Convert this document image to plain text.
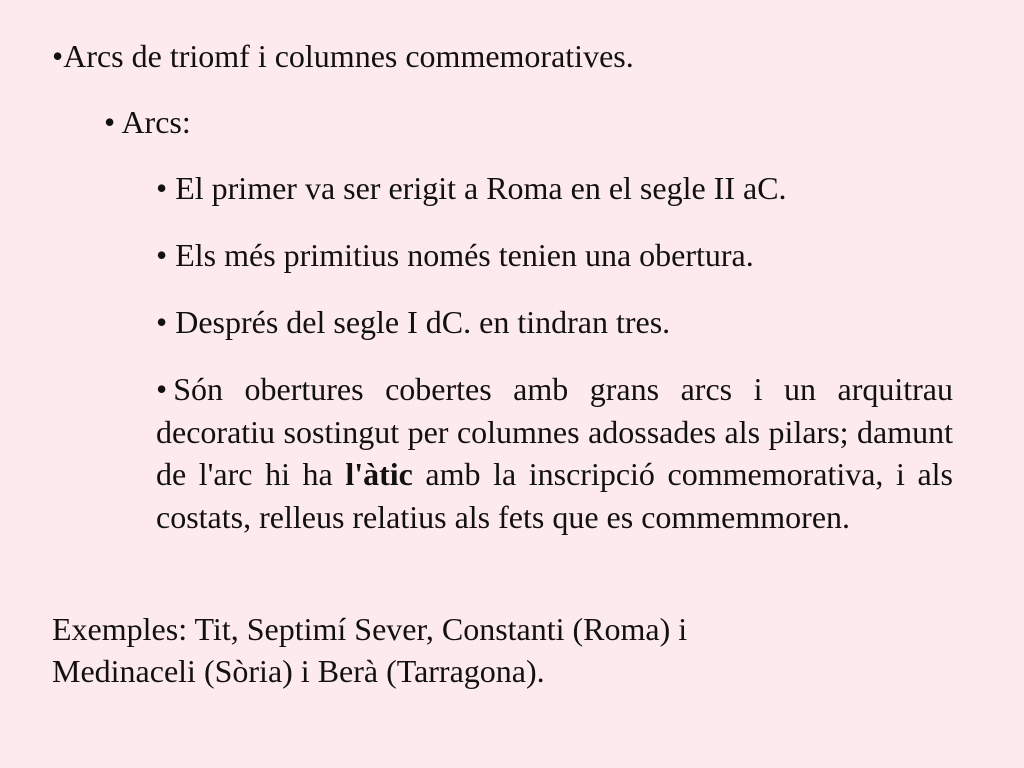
•Arcs de triomf i columnes commemoratives.
• Arcs:
• El primer va ser erigit a Roma en el segle II aC.
• Els més primitius només tenien una obertura.
• Després del segle I dC. en tindran tres.
• Són obertures cobertes amb grans arcs i un arquitrau decoratiu sostingut per columnes adossades als pilars; damunt de l'arc hi ha l'àtic amb la inscripció commemorativa, i als costats, relleus relatius als fets que es commemmoren.
Exemples: Tit, Septimí Sever, Constanti (Roma) i
Medinaceli (Sòria) i Berà (Tarragona).
